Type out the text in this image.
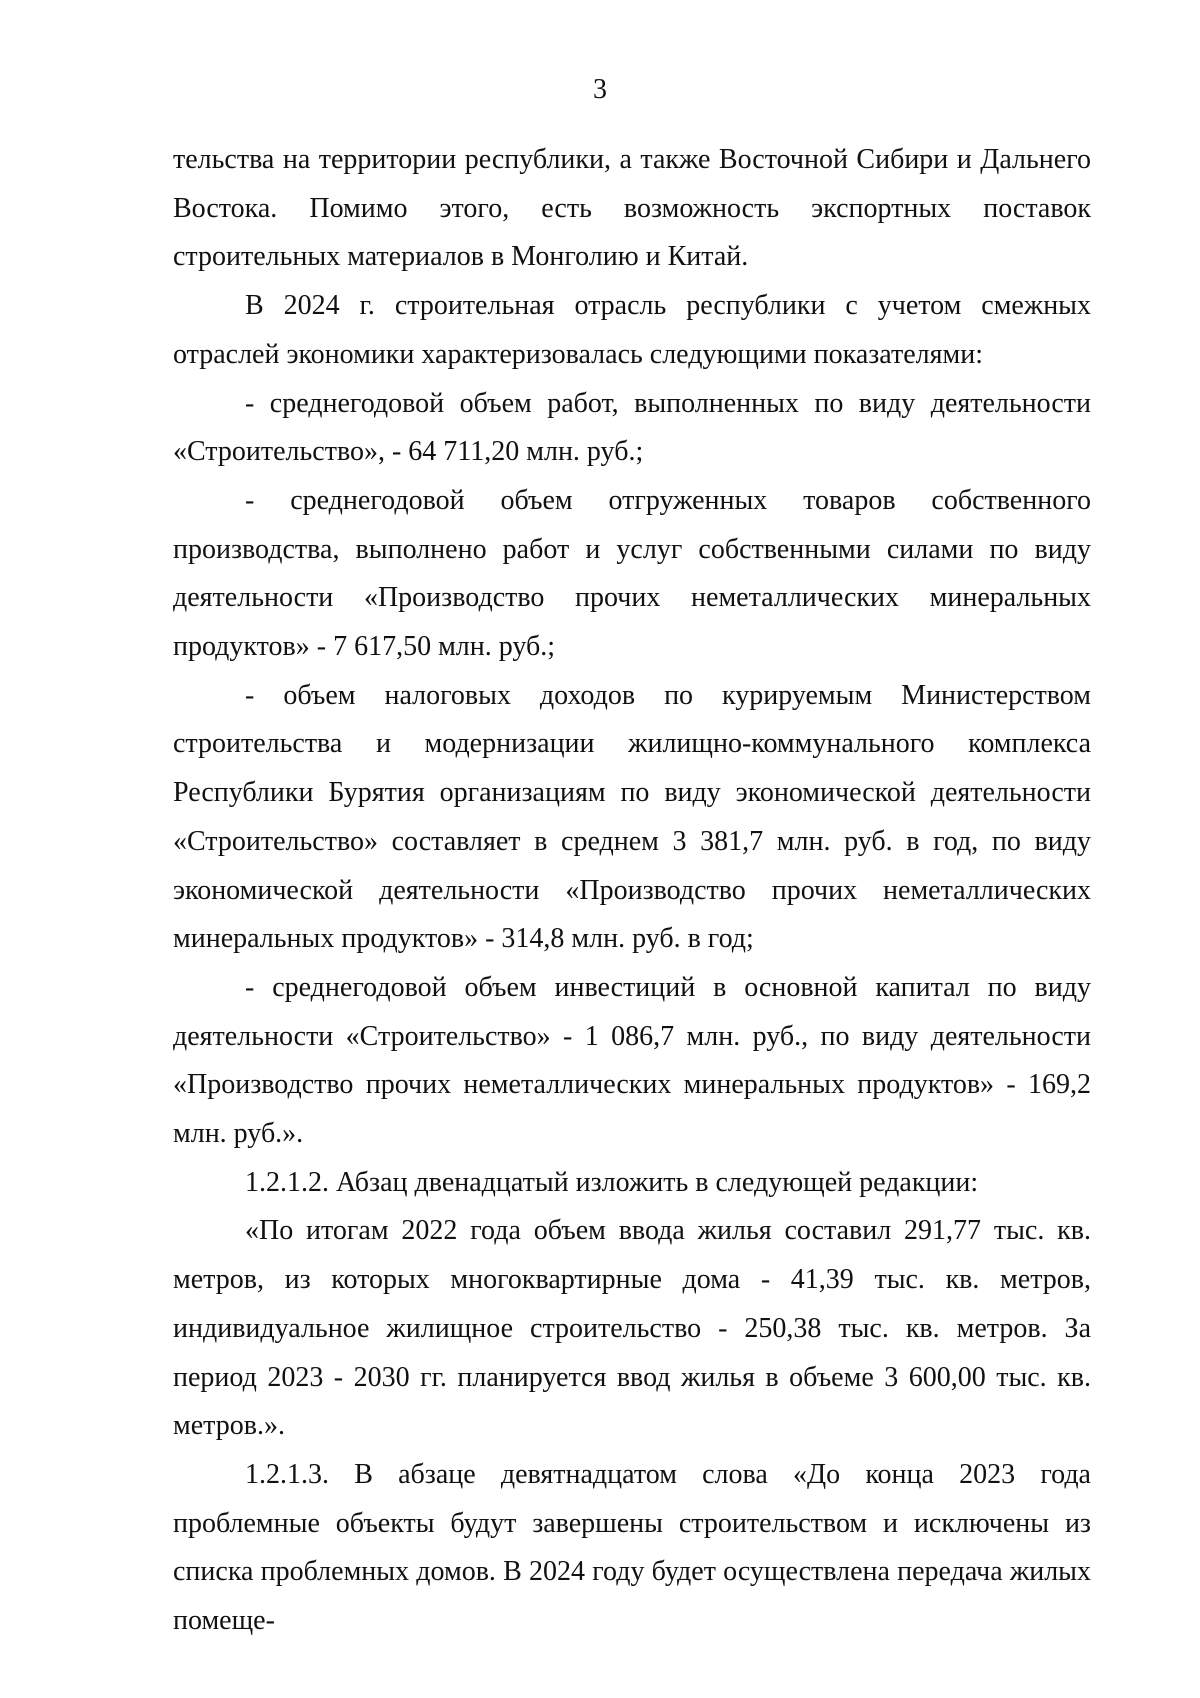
3

тельства на территории республики, а также Восточной Сибири и Дальнего Востока. Помимо этого, есть возможность экспортных поставок строительных материалов в Монголию и Китай.

В 2024 г. строительная отрасль республики с учетом смежных отраслей экономики характеризовалась следующими показателями:

- среднегодовой объем работ, выполненных по виду деятельности «Строительство», - 64 711,20 млн. руб.;

- среднегодовой объем отгруженных товаров собственного производства, выполнено работ и услуг собственными силами по виду деятельности «Производство прочих неметаллических минеральных продуктов» - 7 617,50 млн. руб.;

- объем налоговых доходов по курируемым Министерством строительства и модернизации жилищно-коммунального комплекса Республики Бурятия организациям по виду экономической деятельности «Строительство» составляет в среднем 3 381,7 млн. руб. в год, по виду экономической деятельности «Производство прочих неметаллических минеральных продуктов» - 314,8 млн. руб. в год;

- среднегодовой объем инвестиций в основной капитал по виду деятельности «Строительство» - 1 086,7 млн. руб., по виду деятельности «Производство прочих неметаллических минеральных продуктов» - 169,2 млн. руб.».

1.2.1.2. Абзац двенадцатый изложить в следующей редакции:

«По итогам 2022 года объем ввода жилья составил 291,77 тыс. кв. метров, из которых многоквартирные дома - 41,39 тыс. кв. метров, индивидуальное жилищное строительство - 250,38 тыс. кв. метров. За период 2023 - 2030 гг. планируется ввод жилья в объеме 3 600,00 тыс. кв. метров.».

1.2.1.3. В абзаце девятнадцатом слова «До конца 2023 года проблемные объекты будут завершены строительством и исключены из списка проблемных домов. В 2024 году будет осуществлена передача жилых помеще-
